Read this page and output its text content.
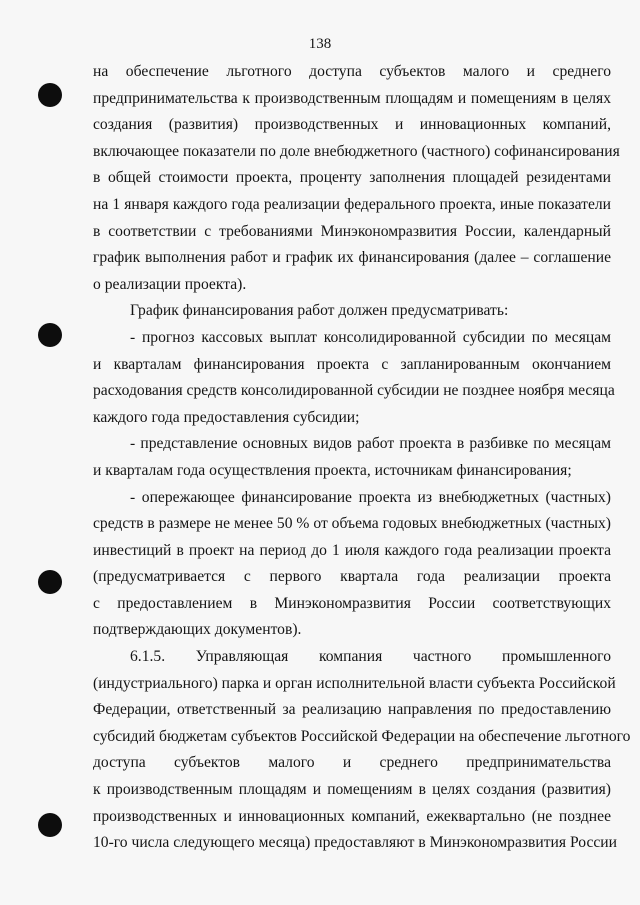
138
на обеспечение льготного доступа субъектов малого и среднего
предпринимательства к производственным площадям и помещениям в целях
создания (развития) производственных и инновационных компаний,
включающее показатели по доле внебюджетного (частного) софинансирования
в общей стоимости проекта, проценту заполнения площадей резидентами
на 1 января каждого года реализации федерального проекта, иные показатели
в соответствии с требованиями Минэкономразвития России, календарный
график выполнения работ и график их финансирования (далее – соглашение
о реализации проекта).
График финансирования работ должен предусматривать:
- прогноз кассовых выплат консолидированной субсидии по месяцам
и кварталам финансирования проекта с запланированным окончанием
расходования средств консолидированной субсидии не позднее ноября месяца
каждого года предоставления субсидии;
- представление основных видов работ проекта в разбивке по месяцам
и кварталам года осуществления проекта, источникам финансирования;
- опережающее финансирование проекта из внебюджетных (частных)
средств в размере не менее 50 % от объема годовых внебюджетных (частных)
инвестиций в проект на период до 1 июля каждого года реализации проекта
(предусматривается с первого квартала года реализации проекта
с предоставлением в Минэкономразвития России соответствующих
подтверждающих документов).
6.1.5. Управляющая компания частного промышленного
(индустриального) парка и орган исполнительной власти субъекта Российской
Федерации, ответственный за реализацию направления по предоставлению
субсидий бюджетам субъектов Российской Федерации на обеспечение льготного
доступа субъектов малого и среднего предпринимательства
к производственным площадям и помещениям в целях создания (развития)
производственных и инновационных компаний, ежеквартально (не позднее
10-го числа следующего месяца) предоставляют в Минэкономразвития России
